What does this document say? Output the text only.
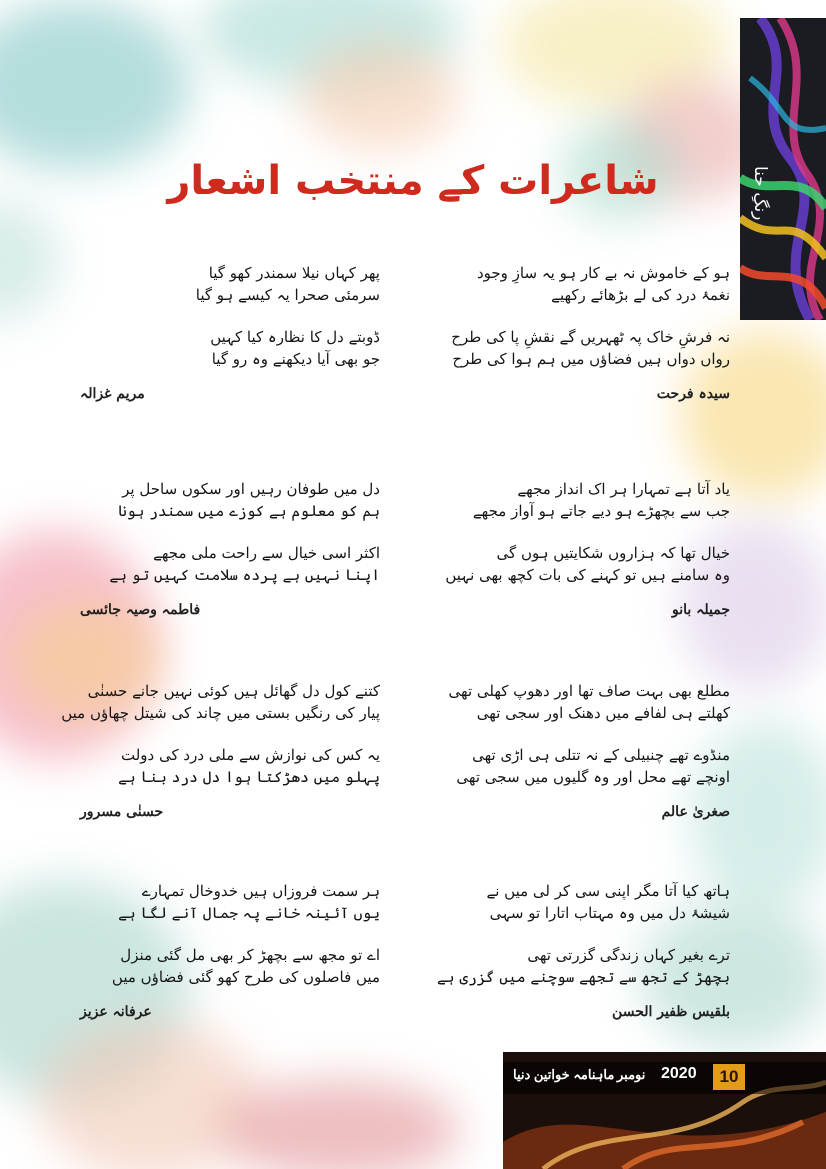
رنگِ حنا
شاعرات کے منتخب اشعار
ہو کے خاموش نہ بے کار ہو یہ سازِ وجود
نغمۂ درد کی لے بڑھائے رکھیے
نہ فرشِ خاک پہ ٹھہریں گے نقشِ پا کی طرح
رواں دواں ہیں فضاؤں میں ہم ہوا کی طرح
سیدہ فرحت
یاد آتا ہے تمہارا ہر اک انداز مجھے
جب سے بچھڑے ہو دیے جاتے ہو آواز مجھے
خیال تھا کہ ہزاروں شکایتیں ہوں گی
وہ سامنے ہیں تو کہنے کی بات کچھ بھی نہیں
جمیلہ بانو
مطلع بھی بہت صاف تھا اور دھوپ کھلی تھی
کھلتے ہی لفافے میں دھنک اور سجی تھی
منڈوے تھے چنبیلی کے نہ تتلی ہی اڑی تھی
اونچے تھے محل اور وہ گلیوں میں سجی تھی
صغریٰ عالم
ہاتھ کیا آتا مگر اپنی سی کر لی میں نے
شیشۂ دل میں وہ مہتاب اتارا تو سہی
ترے بغیر کہاں زندگی گزرتی تھی
بچھڑ کے تجھ سے تجھے سوچنے میں گزری ہے
بلقیس ظفیر الحسن
پھر کہاں نیلا سمندر کھو گیا
سرمئی صحرا یہ کیسے ہو گیا
ڈوبتے دل کا نظارہ کیا کہیں
جو بھی آیا دیکھنے وہ رو گیا
مریم غزالہ
دل میں طوفان رہیں اور سکوں ساحل پر
ہم کو معلوم ہے کوزے میں سمندر ہونا
اکثر اسی خیال سے راحت ملی مجھے
اپنا نہیں ہے پردہ سلامت کہیں تو ہے
فاطمہ وصیہ جائسی
کتنے کول دل گھائل ہیں کوئی نہیں جانے حسنٰی
پیار کی رنگیں بستی میں چاند کی شیتل چھاؤں میں
یہ کس کی نوازش سے ملی درد کی دولت
پہلو میں دھڑکتا ہوا دل درد بنا ہے
حسنٰی مسرور
ہر سمت فروزاں ہیں خدوخال تمہارے
یوں آئینہ خانے پہ جمال آنے لگا ہے
اے تو مجھ سے بچھڑ کر بھی مل گئی منزل
میں فاصلوں کی طرح کھو گئی فضاؤں میں
عرفانہ عزیز
ماہنامہ خواتین دنیا نومبر 2020	10
